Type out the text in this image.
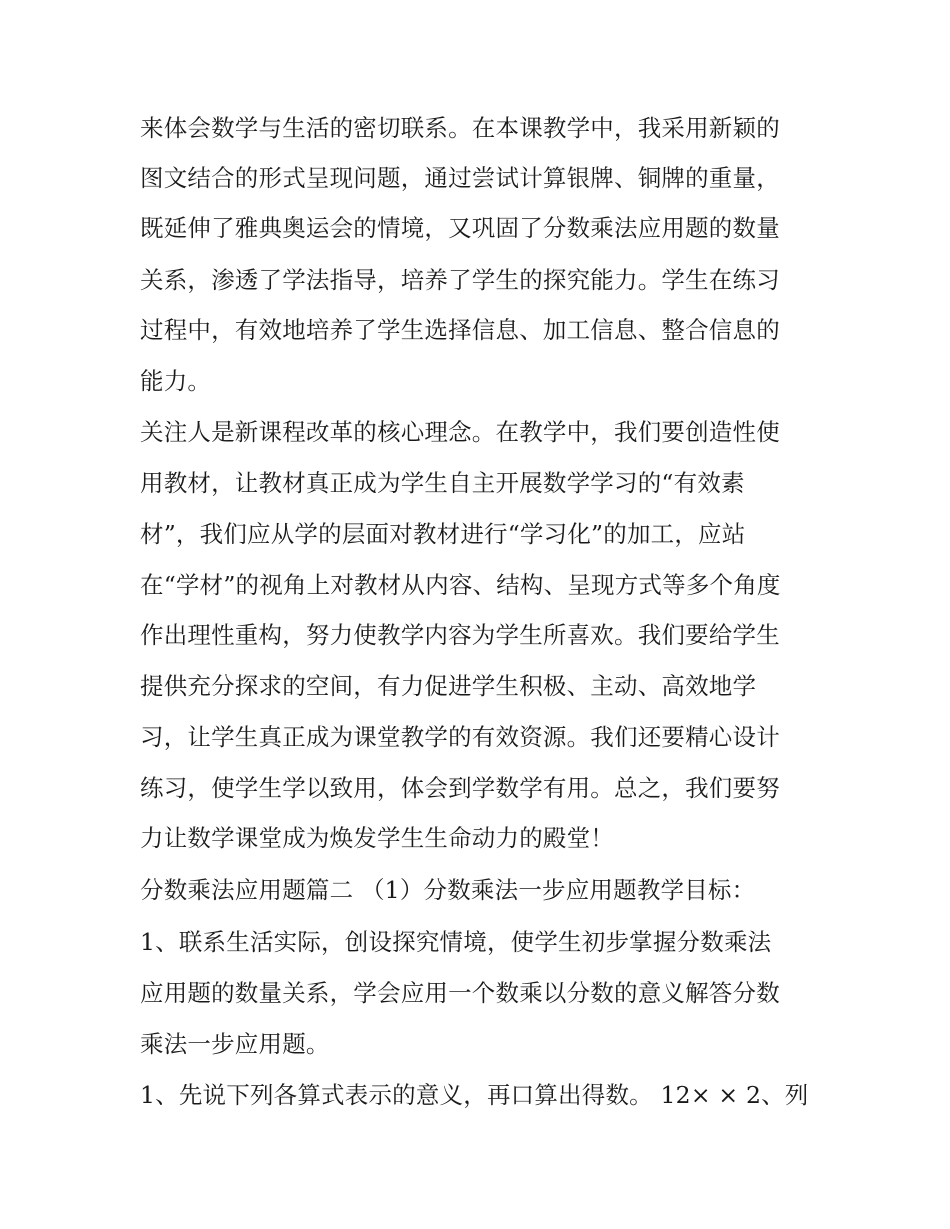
来体会数学与生活的密切联系。在本课教学中，我采用新颖的
图文结合的形式呈现问题，通过尝试计算银牌、铜牌的重量，
既延伸了雅典奥运会的情境，又巩固了分数乘法应用题的数量
关系，渗透了学法指导，培养了学生的探究能力。学生在练习
过程中，有效地培养了学生选择信息、加工信息、整合信息的
能力。
关注人是新课程改革的核心理念。在教学中，我们要创造性使
用教材，让教材真正成为学生自主开展数学学习的“有效素
材”，我们应从学的层面对教材进行“学习化”的加工，应站
在“学材”的视角上对教材从内容、结构、呈现方式等多个角度
作出理性重构，努力使教学内容为学生所喜欢。我们要给学生
提供充分探求的空间，有力促进学生积极、主动、高效地学
习，让学生真正成为课堂教学的有效资源。我们还要精心设计
练习，使学生学以致用，体会到学数学有用。总之，我们要努
力让数学课堂成为焕发学生生命动力的殿堂！
分数乘法应用题篇二 （1）分数乘法一步应用题教学目标：
1、联系生活实际，创设探究情境，使学生初步掌握分数乘法
应用题的数量关系，学会应用一个数乘以分数的意义解答分数
乘法一步应用题。
1、先说下列各算式表示的意义，再口算出得数。 12× × 2、列
